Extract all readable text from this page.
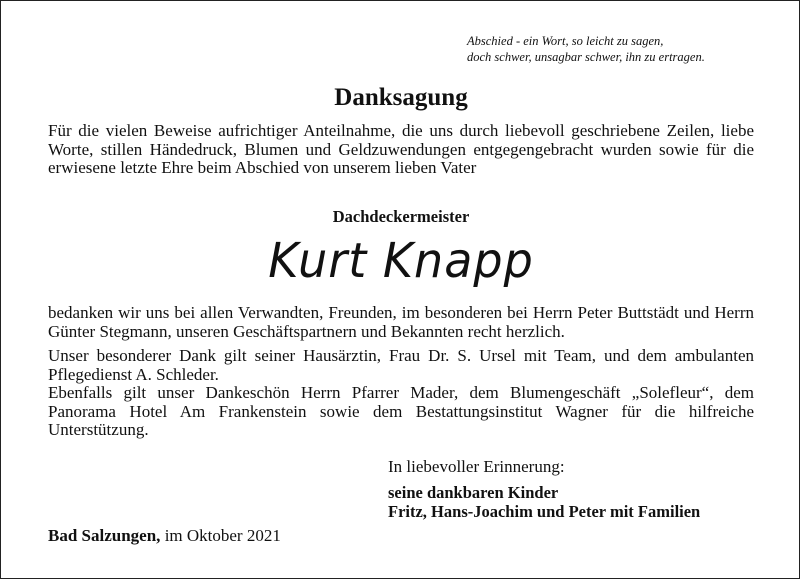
Abschied - ein Wort, so leicht zu sagen,
doch schwer, unsagbar schwer, ihn zu ertragen.
Danksagung
Für die vielen Beweise aufrichtiger Anteilnahme, die uns durch liebevoll geschriebene Zeilen, liebe Worte, stillen Händedruck, Blumen und Geldzuwendungen entgegengebracht wurden sowie für die erwiesene letzte Ehre beim Abschied von unserem lieben Vater
Dachdeckermeister
Kurt Knapp
bedanken wir uns bei allen Verwandten, Freunden, im besonderen bei Herrn Peter Buttstädt und Herrn Günter Stegmann, unseren Geschäftspartnern und Bekannten recht herzlich.
Unser besonderer Dank gilt seiner Hausärztin, Frau Dr. S. Ursel mit Team, und dem ambulanten Pflegedienst A. Schleder.
Ebenfalls gilt unser Dankeschön Herrn Pfarrer Mader, dem Blumengeschäft „Solefleur“, dem Panorama Hotel Am Frankenstein sowie dem Bestattungsinstitut Wagner für die hilfreiche Unterstützung.
In liebevoller Erinnerung:
seine dankbaren Kinder
Fritz, Hans-Joachim und Peter mit Familien
Bad Salzungen, im Oktober 2021
